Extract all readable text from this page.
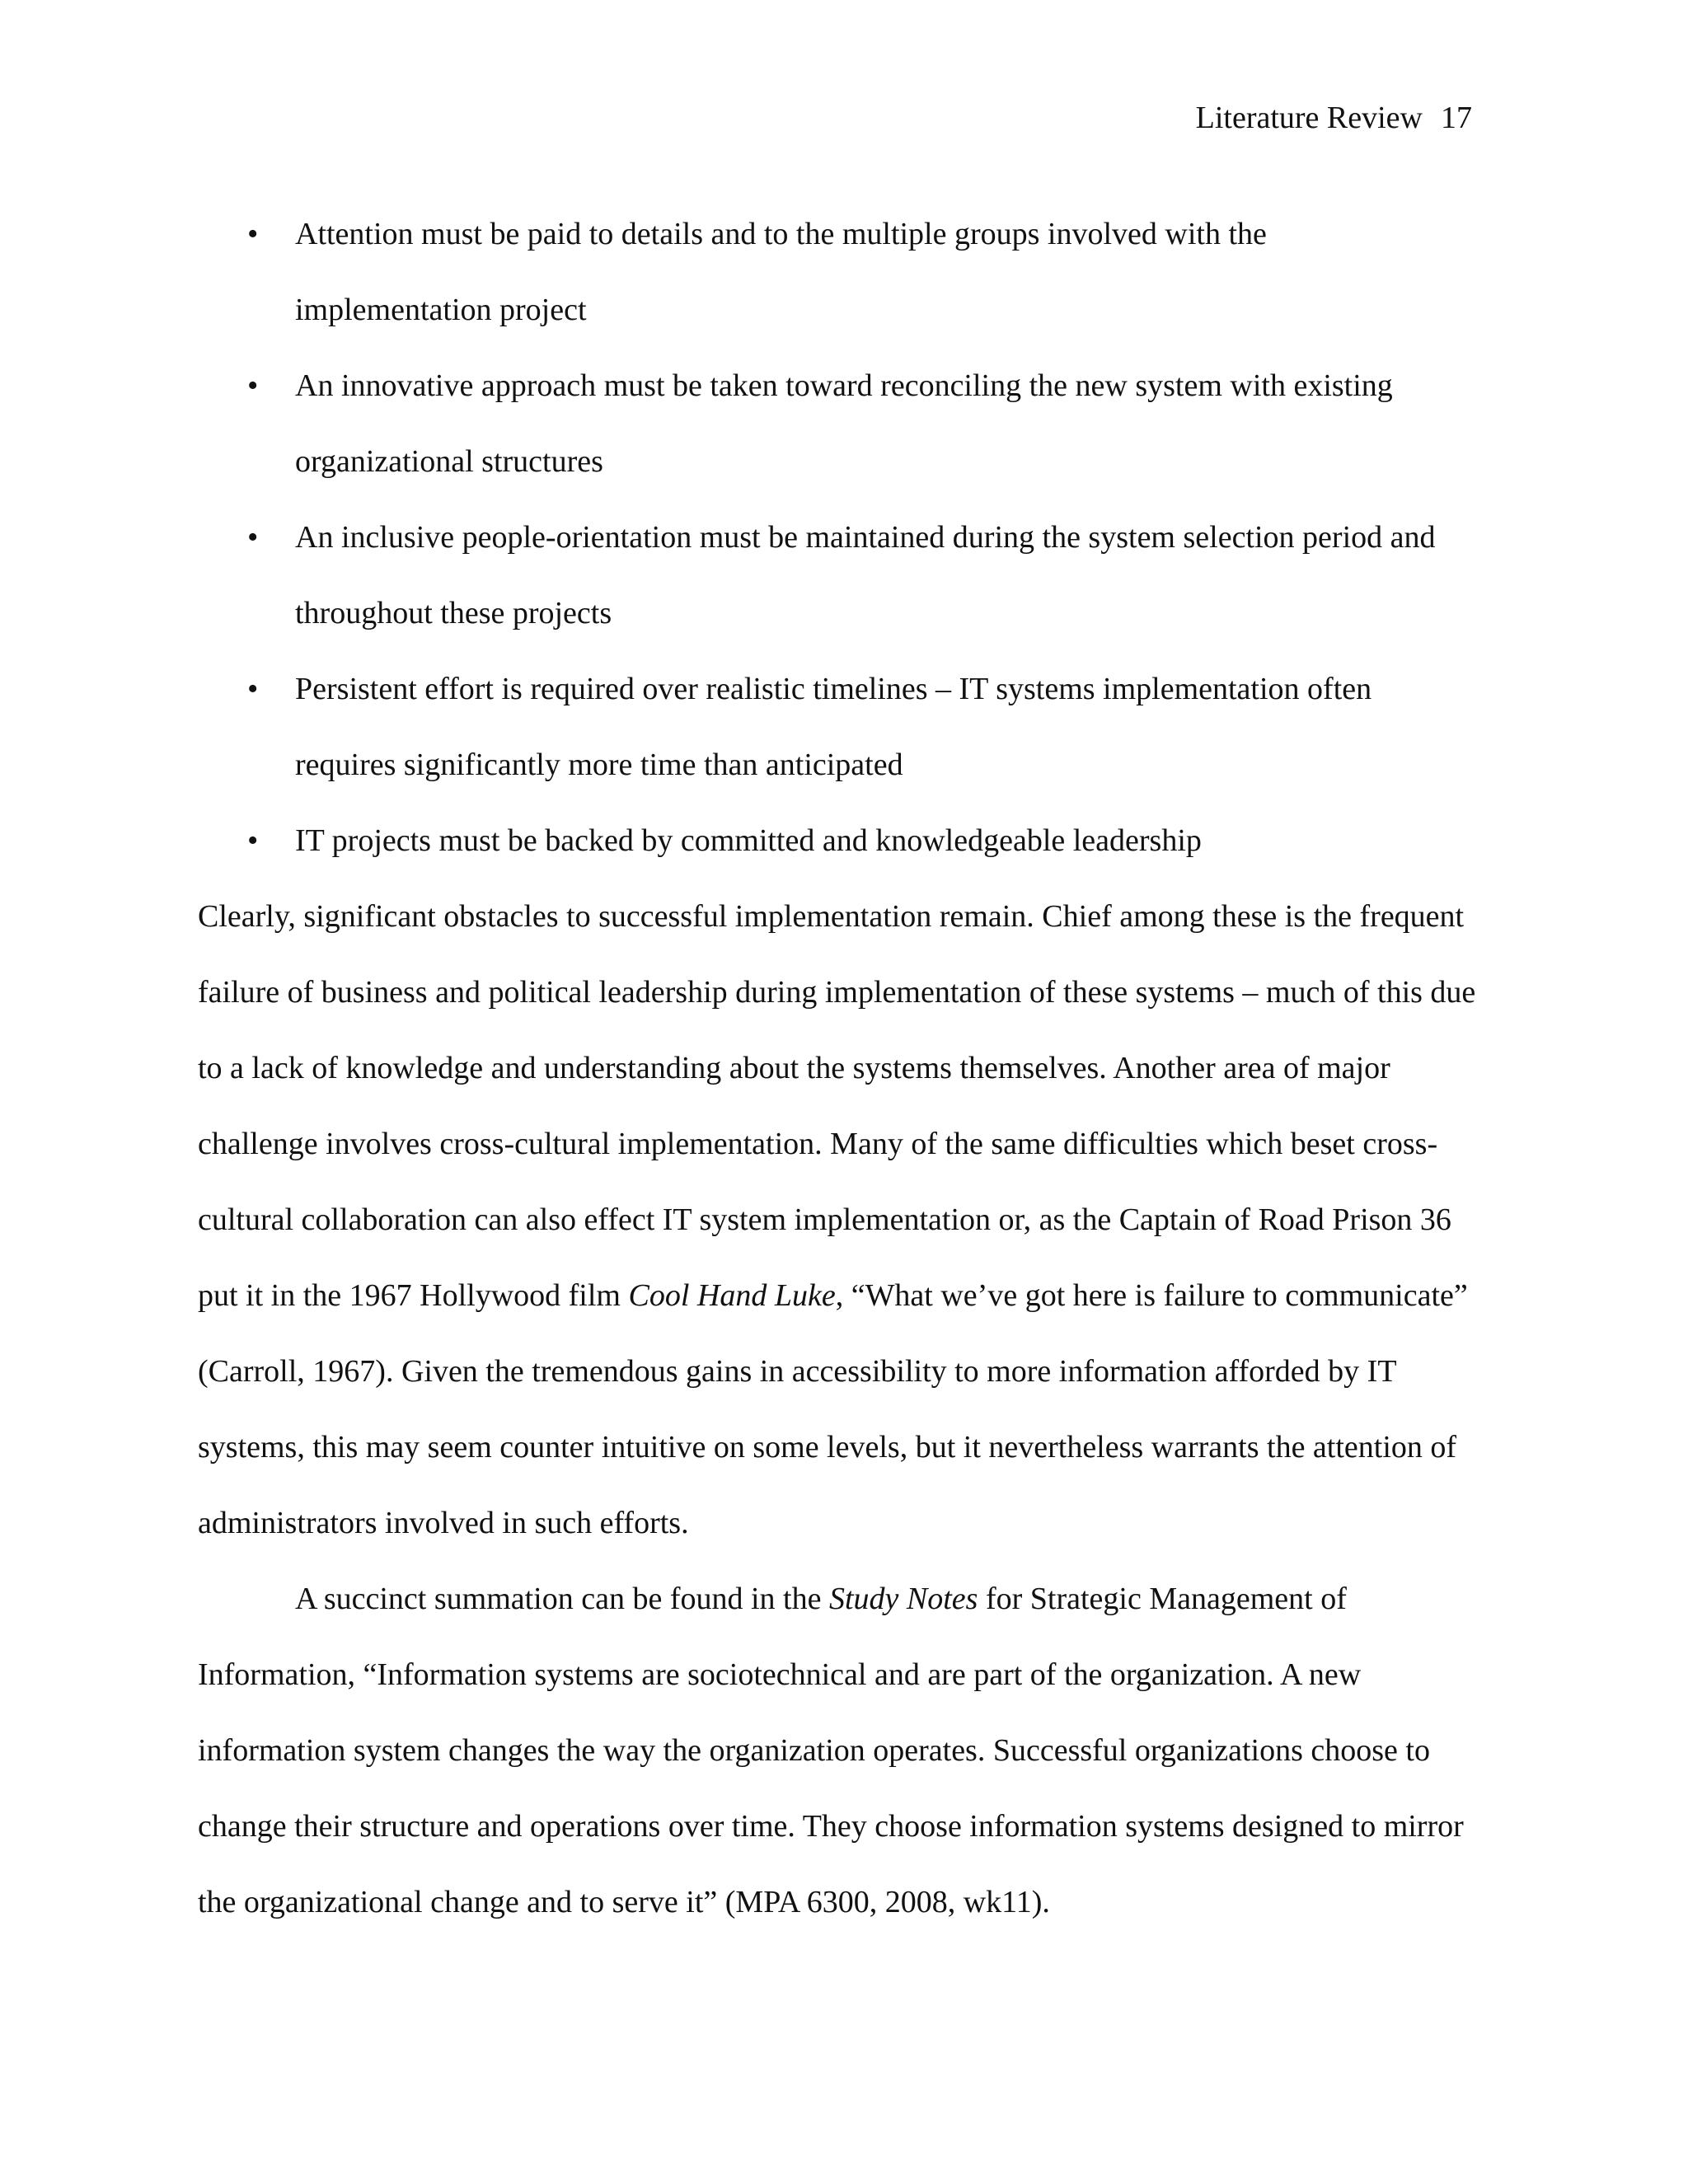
Literature Review 17
• Attention must be paid to details and to the multiple groups involved with the implementation project
• An innovative approach must be taken toward reconciling the new system with existing organizational structures
• An inclusive people-orientation must be maintained during the system selection period and throughout these projects
• Persistent effort is required over realistic timelines – IT systems implementation often requires significantly more time than anticipated
• IT projects must be backed by committed and knowledgeable leadership

Clearly, significant obstacles to successful implementation remain. Chief among these is the frequent failure of business and political leadership during implementation of these systems – much of this due to a lack of knowledge and understanding about the systems themselves. Another area of major challenge involves cross-cultural implementation. Many of the same difficulties which beset cross-cultural collaboration can also effect IT system implementation or, as the Captain of Road Prison 36 put it in the 1967 Hollywood film Cool Hand Luke, “What we’ve got here is failure to communicate” (Carroll, 1967). Given the tremendous gains in accessibility to more information afforded by IT systems, this may seem counter intuitive on some levels, but it nevertheless warrants the attention of administrators involved in such efforts.

A succinct summation can be found in the Study Notes for Strategic Management of Information, “Information systems are sociotechnical and are part of the organization. A new information system changes the way the organization operates. Successful organizations choose to change their structure and operations over time. They choose information systems designed to mirror the organizational change and to serve it” (MPA 6300, 2008, wk11).
